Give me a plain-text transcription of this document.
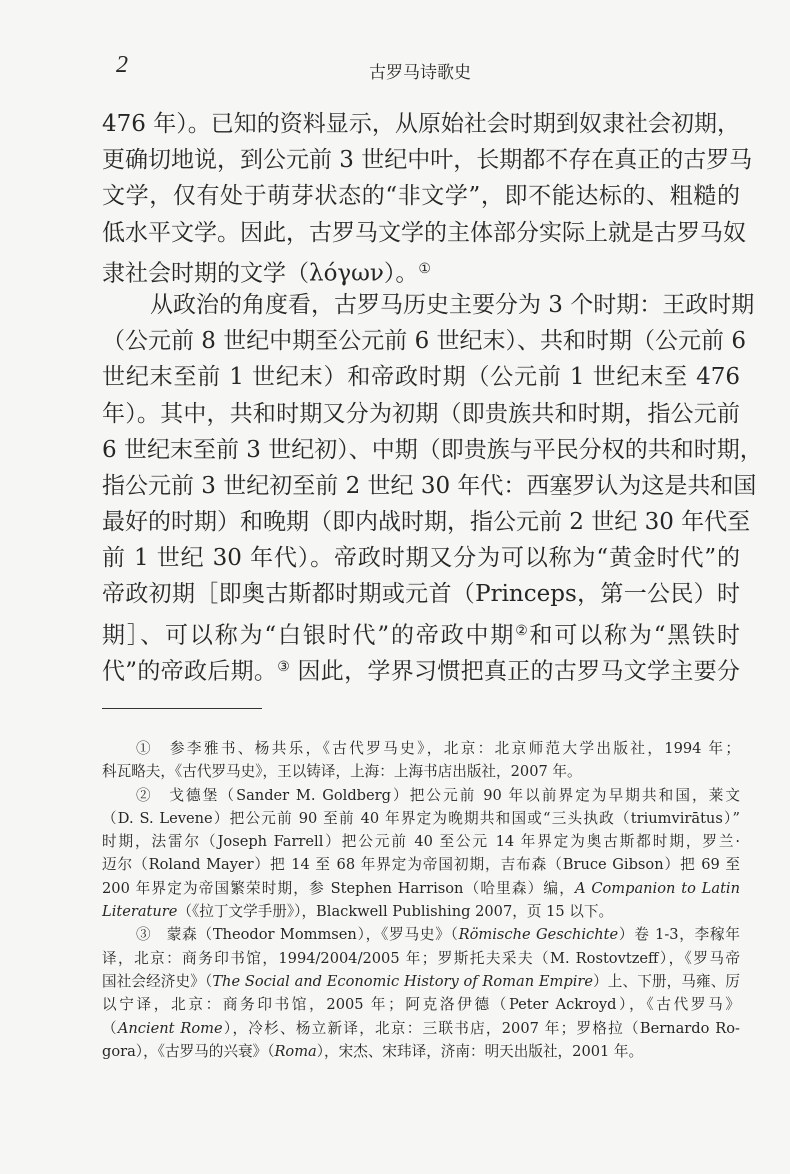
2	古罗马诗歌史
476 年）。已知的资料显示，从原始社会时期到奴隶社会初期，
更确切地说，到公元前 3 世纪中叶，长期都不存在真正的古罗马
文学，仅有处于萌芽状态的“非文学”，即不能达标的、粗糙的
低水平文学。因此，古罗马文学的主体部分实际上就是古罗马奴
隶社会时期的文学（λόγων）。①
从政治的角度看，古罗马历史主要分为 3 个时期：王政时期
（公元前 8 世纪中期至公元前 6 世纪末）、共和时期（公元前 6
世纪末至前 1 世纪末）和帝政时期（公元前 1 世纪末至 476
年）。其中，共和时期又分为初期（即贵族共和时期，指公元前
6 世纪末至前 3 世纪初）、中期（即贵族与平民分权的共和时期，
指公元前 3 世纪初至前 2 世纪 30 年代：西塞罗认为这是共和国
最好的时期）和晚期（即内战时期，指公元前 2 世纪 30 年代至
前 1 世纪 30 年代）。帝政时期又分为可以称为“黄金时代”的
帝政初期［即奥古斯都时期或元首（Princeps，第一公民）时
期］、可以称为“白银时代”的帝政中期②和可以称为“黑铁时
代”的帝政后期。③ 因此，学界习惯把真正的古罗马文学主要分
①　参李雅书、杨共乐，《古代罗马史》，北京：北京师范大学出版社，1994 年；
科瓦略夫，《古代罗马史》，王以铸译，上海：上海书店出版社，2007 年。
②　戈德堡（Sander M. Goldberg）把公元前 90 年以前界定为早期共和国，莱文
（D. S. Levene）把公元前 90 至前 40 年界定为晚期共和国或“三头执政（triumvirātus）”
时期，法雷尔（Joseph Farrell）把公元前 40 至公元 14 年界定为奥古斯都时期，罗兰·
迈尔（Roland Mayer）把 14 至 68 年界定为帝国初期，吉布森（Bruce Gibson）把 69 至
200 年界定为帝国繁荣时期，参 Stephen Harrison（哈里森）编，A Companion to Latin
Literature（《拉丁文学手册》），Blackwell Publishing 2007，页 15 以下。
③　蒙森（Theodor Mommsen），《罗马史》（Römische Geschichte）卷 1-3，李稼年
译，北京：商务印书馆，1994/2004/2005 年；罗斯托夫采夫（M. Rostovtzeff），《罗马帝
国社会经济史》（The Social and Economic History of Roman Empire）上、下册，马雍、厉
以宁译，北京：商务印书馆，2005 年；阿克洛伊德（Peter Ackroyd），《古代罗马》
（Ancient Rome），冷杉、杨立新译，北京：三联书店，2007 年；罗格拉（Bernardo Ro-
gora），《古罗马的兴衰》（Roma），宋杰、宋玮译，济南：明天出版社，2001 年。
